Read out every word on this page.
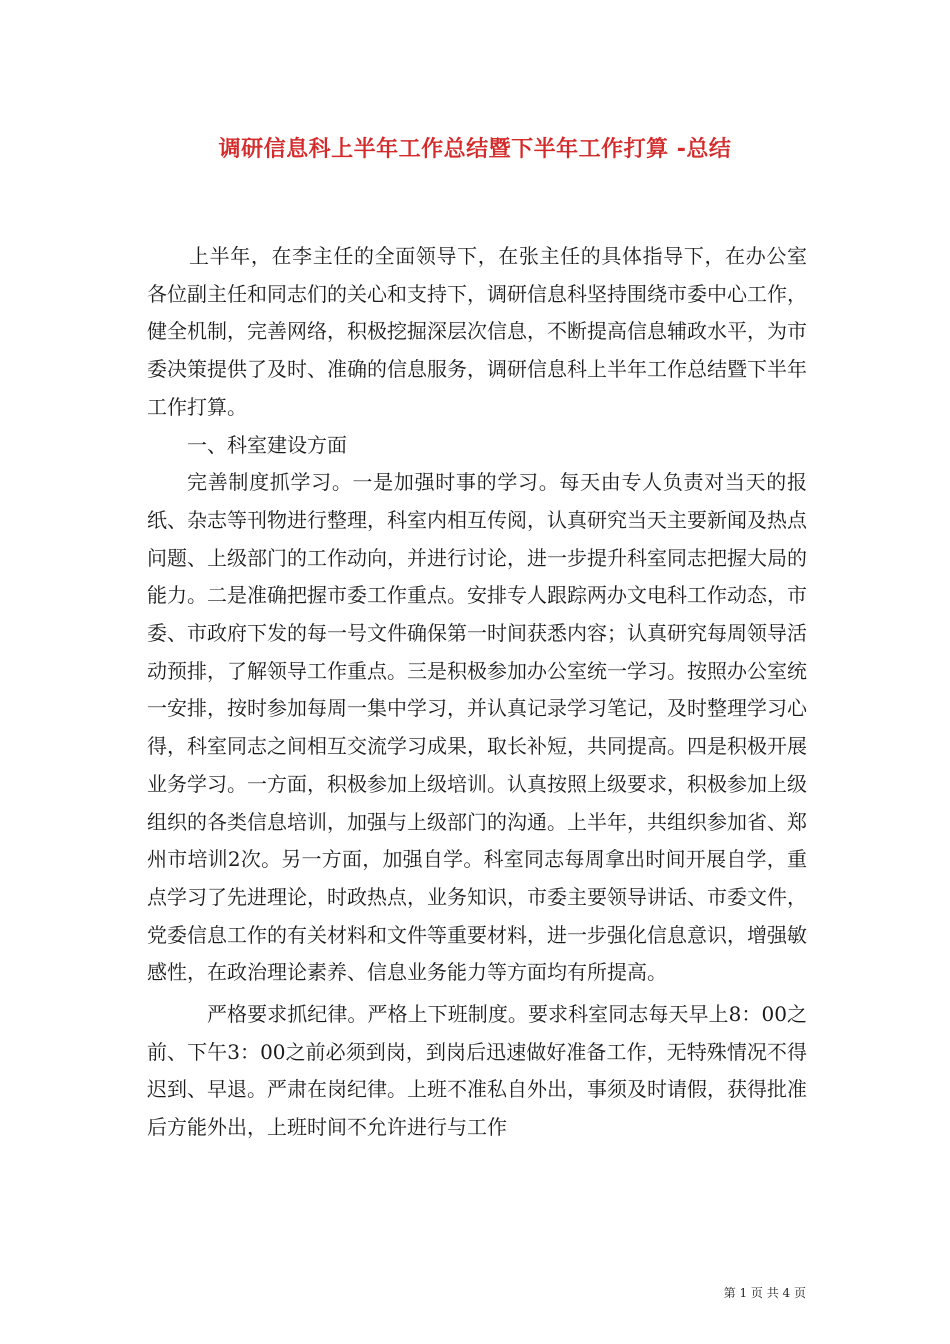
调研信息科上半年工作总结暨下半年工作打算 -总结

上半年，在李主任的全面领导下，在张主任的具体指导下，在办公室各位副主任和同志们的关心和支持下，调研信息科坚持围绕市委中心工作，健全机制，完善网络，积极挖掘深层次信息，不断提高信息辅政水平，为市委决策提供了及时、准确的信息服务，调研信息科上半年工作总结暨下半年工作打算。

一、科室建设方面

完善制度抓学习。一是加强时事的学习。每天由专人负责对当天的报纸、杂志等刊物进行整理，科室内相互传阅，认真研究当天主要新闻及热点问题、上级部门的工作动向，并进行讨论，进一步提升科室同志把握大局的能力。二是准确把握市委工作重点。安排专人跟踪两办文电科工作动态，市委、市政府下发的每一号文件确保第一时间获悉内容；认真研究每周领导活动预排，了解领导工作重点。三是积极参加办公室统一学习。按照办公室统一安排，按时参加每周一集中学习，并认真记录学习笔记，及时整理学习心得，科室同志之间相互交流学习成果，取长补短，共同提高。四是积极开展业务学习。一方面，积极参加上级培训。认真按照上级要求，积极参加上级组织的各类信息培训，加强与上级部门的沟通。上半年，共组织参加省、郑州市培训2次。另一方面，加强自学。科室同志每周拿出时间开展自学，重点学习了先进理论，时政热点，业务知识，市委主要领导讲话、市委文件，党委信息工作的有关材料和文件等重要材料，进一步强化信息意识，增强敏感性，在政治理论素养、信息业务能力等方面均有所提高。

严格要求抓纪律。严格上下班制度。要求科室同志每天早上8：00之前、下午3：00之前必须到岗，到岗后迅速做好准备工作，无特殊情况不得迟到、早退。严肃在岗纪律。上班不准私自外出，事须及时请假，获得批准后方能外出，上班时间不允许进行与工作

第 1 页 共 4 页
